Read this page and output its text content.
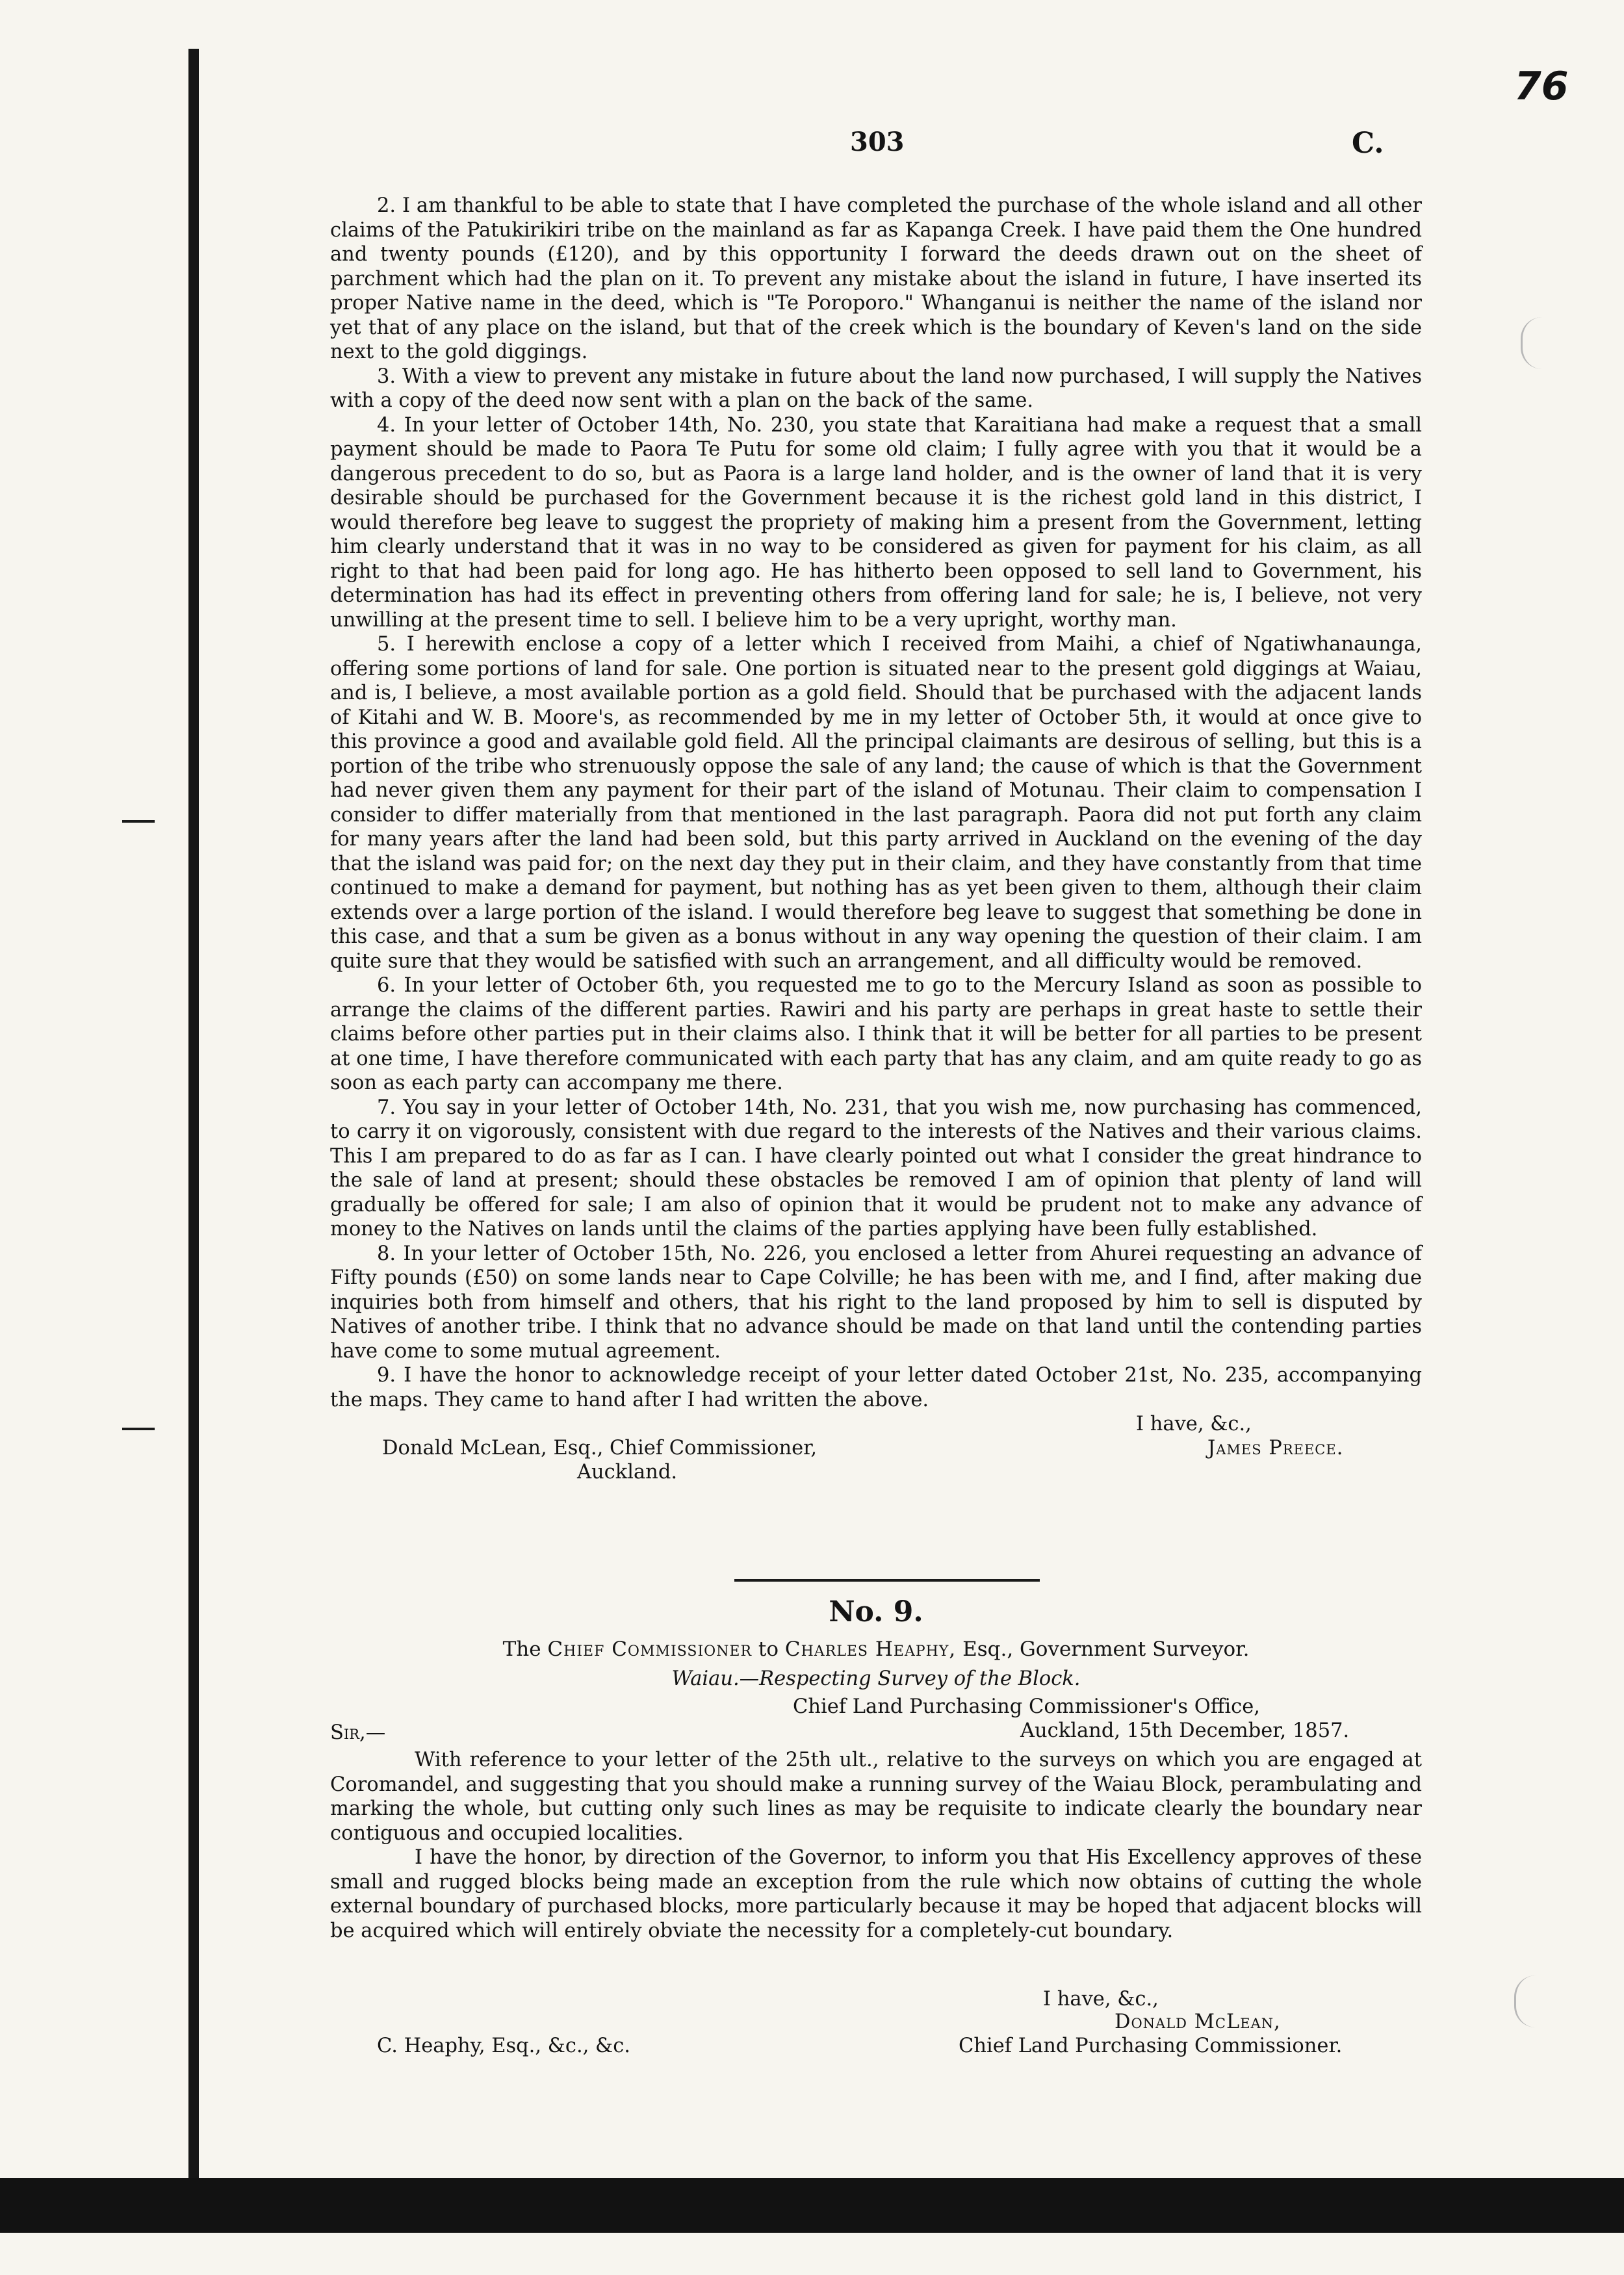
76
303	C.

2. I am thankful to be able to state that I have completed the purchase of the whole island and all other claims of the Patukirikiri tribe on the mainland as far as Kapanga Creek. I have paid them the One hundred and twenty pounds (£120), and by this opportunity I forward the deeds drawn out on the sheet of parchment which had the plan on it. To prevent any mistake about the island in future, I have inserted its proper Native name in the deed, which is "Te Poroporo." Whanganui is neither the name of the island nor yet that of any place on the island, but that of the creek which is the boundary of Keven's land on the side next to the gold diggings.

3. With a view to prevent any mistake in future about the land now purchased, I will supply the Natives with a copy of the deed now sent with a plan on the back of the same.

4. In your letter of October 14th, No. 230, you state that Karaitiana had make a request that a small payment should be made to Paora Te Putu for some old claim; I fully agree with you that it would be a dangerous precedent to do so, but as Paora is a large land holder, and is the owner of land that it is very desirable should be purchased for the Government because it is the richest gold land in this district, I would therefore beg leave to suggest the propriety of making him a present from the Government, letting him clearly understand that it was in no way to be considered as given for payment for his claim, as all right to that had been paid for long ago. He has hitherto been opposed to sell land to Government, his determination has had its effect in preventing others from offering land for sale; he is, I believe, not very unwilling at the present time to sell. I believe him to be a very upright, worthy man.

5. I herewith enclose a copy of a letter which I received from Maihi, a chief of Ngatiwhanaunga, offering some portions of land for sale. One portion is situated near to the present gold diggings at Waiau, and is, I believe, a most available portion as a gold field. Should that be purchased with the adjacent lands of Kitahi and W. B. Moore's, as recommended by me in my letter of October 5th, it would at once give to this province a good and available gold field. All the principal claimants are desirous of selling, but this is a portion of the tribe who strenuously oppose the sale of any land; the cause of which is that the Government had never given them any payment for their part of the island of Motunau. Their claim to compensation I consider to differ materially from that mentioned in the last paragraph. Paora did not put forth any claim for many years after the land had been sold, but this party arrived in Auckland on the evening of the day that the island was paid for; on the next day they put in their claim, and they have constantly from that time continued to make a demand for payment, but nothing has as yet been given to them, although their claim extends over a large portion of the island. I would therefore beg leave to suggest that something be done in this case, and that a sum be given as a bonus without in any way opening the question of their claim. I am quite sure that they would be satisfied with such an arrangement, and all difficulty would be removed.

6. In your letter of October 6th, you requested me to go to the Mercury Island as soon as possible to arrange the claims of the different parties. Rawiri and his party are perhaps in great haste to settle their claims before other parties put in their claims also. I think that it will be better for all parties to be present at one time, I have therefore communicated with each party that has any claim, and am quite ready to go as soon as each party can accompany me there.

7. You say in your letter of October 14th, No. 231, that you wish me, now purchasing has commenced, to carry it on vigorously, consistent with due regard to the interests of the Natives and their various claims. This I am prepared to do as far as I can. I have clearly pointed out what I consider the great hindrance to the sale of land at present; should these obstacles be removed I am of opinion that plenty of land will gradually be offered for sale; I am also of opinion that it would be prudent not to make any advance of money to the Natives on lands until the claims of the parties applying have been fully established.

8. In your letter of October 15th, No. 226, you enclosed a letter from Ahurei requesting an advance of Fifty pounds (£50) on some lands near to Cape Colville; he has been with me, and I find, after making due inquiries both from himself and others, that his right to the land proposed by him to sell is disputed by Natives of another tribe. I think that no advance should be made on that land until the contending parties have come to some mutual agreement.

9. I have the honor to acknowledge receipt of your letter dated October 21st, No. 235, accompanying the maps. They came to hand after I had written the above.

I have, &c.,
James Preece.
Donald McLean, Esq., Chief Commissioner,
Auckland.
No. 9.
The Chief Commissioner to Charles Heaphy, Esq., Government Surveyor.
Waiau.—Respecting Survey of the Block.
Chief Land Purchasing Commissioner's Office,
Sir,—	Auckland, 15th December, 1857.

With reference to your letter of the 25th ult., relative to the surveys on which you are engaged at Coromandel, and suggesting that you should make a running survey of the Waiau Block, perambulating and marking the whole, but cutting only such lines as may be requisite to indicate clearly the boundary near contiguous and occupied localities.

I have the honor, by direction of the Governor, to inform you that His Excellency approves of these small and rugged blocks being made an exception from the rule which now obtains of cutting the whole external boundary of purchased blocks, more particularly because it may be hoped that adjacent blocks will be acquired which will entirely obviate the necessity for a completely-cut boundary.

I have, &c.,
Donald McLean,
C. Heaphy, Esq., &c., &c.	Chief Land Purchasing Commissioner.
